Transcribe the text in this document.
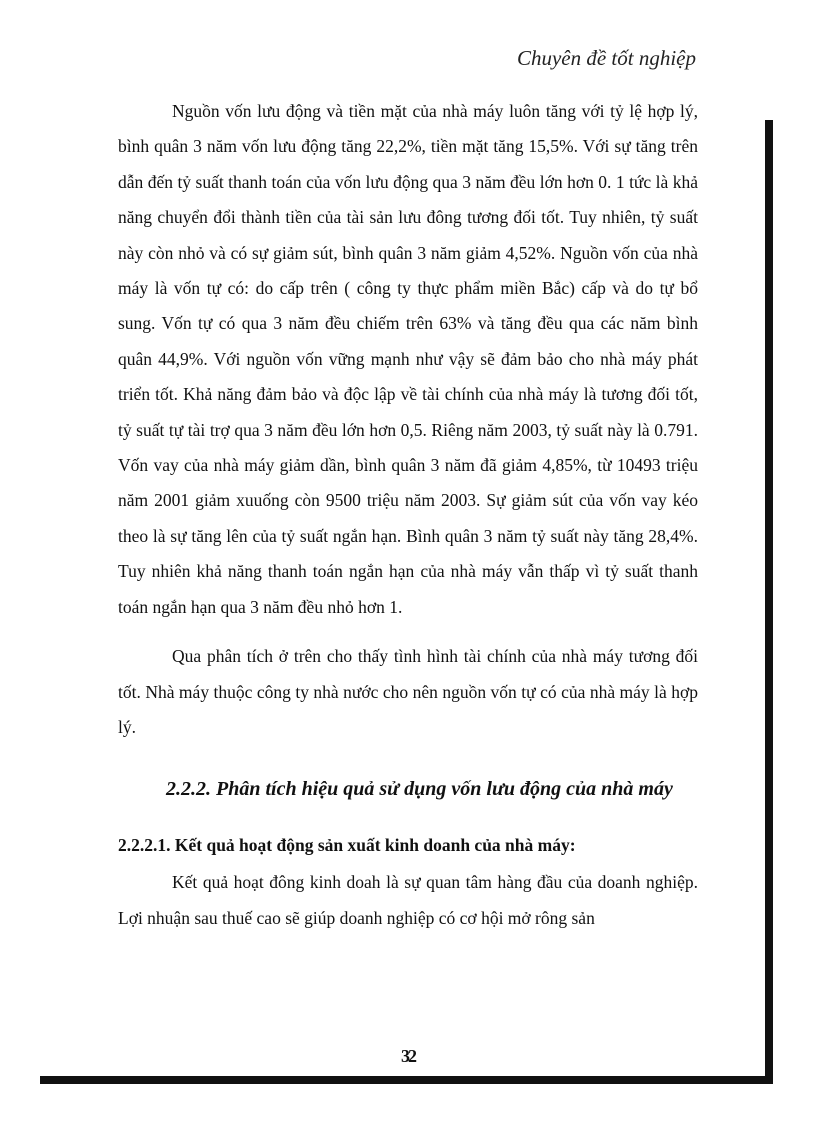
Chuyên đề tốt nghiệp

Nguồn vốn lưu động và tiền mặt của nhà máy luôn tăng với tỷ lệ hợp lý, bình quân 3 năm vốn lưu động tăng 22,2%, tiền mặt tăng 15,5%. Với sự tăng trên dẫn đến tỷ suất thanh toán của vốn lưu động qua 3 năm đều lớn hơn 0. 1 tức là khả năng chuyển đổi thành tiền của tài sản lưu đông tương đối tốt. Tuy nhiên, tỷ suất này còn nhỏ và có sự giảm sút, bình quân 3 năm giảm 4,52%. Nguồn vốn của nhà máy là vốn tự có: do cấp trên ( công ty thực phẩm miền Bắc) cấp và do tự bổ sung. Vốn tự có qua 3 năm đều chiếm trên 63% và tăng đều qua các năm bình quân 44,9%. Với nguồn vốn vững mạnh như vậy sẽ đảm bảo cho nhà máy phát triển tốt. Khả năng đảm bảo và độc lập về tài chính của nhà máy là tương đối tốt, tỷ suất tự tài trợ qua 3 năm đều lớn hơn 0,5. Riêng năm 2003, tỷ suất này là 0.791. Vốn vay của nhà máy giảm dần, bình quân 3 năm đã giảm 4,85%, từ 10493 triệu năm 2001 giảm xuuống còn 9500 triệu năm 2003. Sự giảm sút của vốn vay kéo theo là sự tăng lên của tỷ suất ngắn hạn. Bình quân 3 năm tỷ suất này tăng 28,4%. Tuy nhiên khả năng thanh toán ngắn hạn của nhà máy vẫn thấp vì tỷ suất thanh toán ngắn hạn qua 3 năm đều nhỏ hơn 1.

Qua phân tích ở trên cho thấy tình hình tài chính của nhà máy tương đối tốt. Nhà máy thuộc công ty nhà nước cho nên nguồn vốn tự có của nhà máy là hợp lý.

2.2.2. Phân tích hiệu quả sử dụng vốn lưu động của nhà máy
2.2.2.1. Kết quả hoạt động sản xuất kinh doanh của nhà máy:

Kết quả hoạt đông kinh doah là sự quan tâm hàng đầu của doanh nghiệp. Lợi nhuận sau thuế cao sẽ giúp doanh nghiệp có cơ hội mở rông sản

32
